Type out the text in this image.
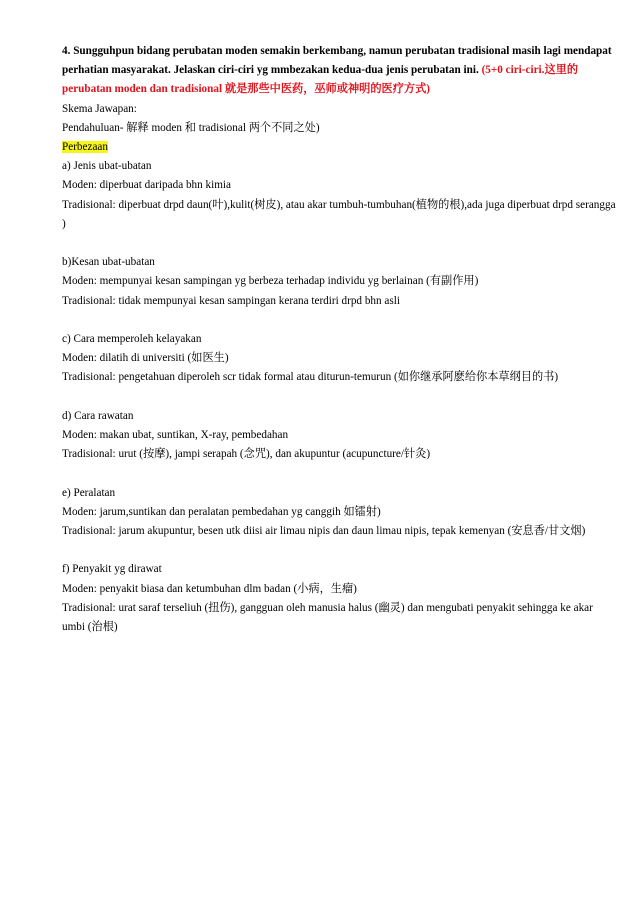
4. Sungguhpun bidang perubatan moden semakin berkembang, namun perubatan tradisional masih lagi mendapat perhatian masyarakat. Jelaskan ciri-ciri yg mmbezakan kedua-dua jenis perubatan ini. (5+0 ciri-ciri.这里的 perubatan moden dan tradisional 就是那些中医药，巫师或神明的医疗方式)

Skema Jawapan:

Pendahuluan- 解释 moden 和 tradisional 两个不同之处)

Perbezaan

a) Jenis ubat-ubatan

Moden: diperbuat daripada bhn kimia

Tradisional: diperbuat drpd daun(叶),kulit(树皮), atau akar tumbuh-tumbuhan(植物的根),ada juga diperbuat drpd serangga )

b)Kesan ubat-ubatan

Moden: mempunyai kesan sampingan yg berbeza terhadap individu yg berlainan (有副作用)

Tradisional: tidak mempunyai kesan sampingan kerana terdiri drpd bhn asli

c) Cara memperoleh kelayakan

Moden: dilatih di universiti (如医生)

Tradisional: pengetahuan diperoleh scr tidak formal atau diturun-temurun (如你继承阿麽给你本草纲目的书)

d) Cara rawatan

Moden: makan ubat, suntikan, X-ray, pembedahan

Tradisional: urut (按摩), jampi serapah (念咒), dan akupuntur (acupuncture/针灸)

e) Peralatan

Moden: jarum,suntikan dan peralatan pembedahan yg canggih 如镭射)

Tradisional: jarum akupuntur, besen utk diisi air limau nipis dan daun limau nipis, tepak kemenyan (安息香/甘文烟)

f) Penyakit yg dirawat

Moden: penyakit biasa dan ketumbuhan dlm badan (小病，生瘤)

Tradisional: urat saraf terseliuh (扭伤), gangguan oleh manusia halus (幽灵) dan mengubati penyakit sehingga ke akar umbi (治根)
